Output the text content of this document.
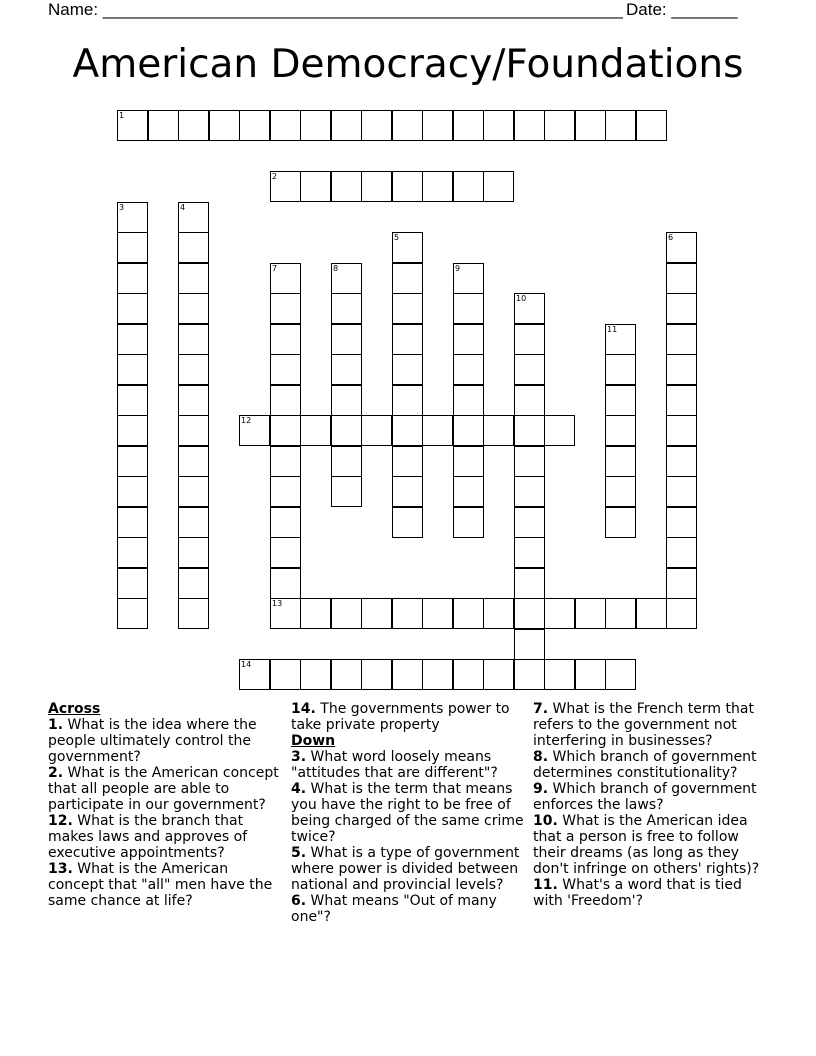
Name: _______________________________________________________ Date: _______
American Democracy/Foundations
1
2
3	4
5	6
7
13
8	9
10
11
12
14
Across
1. What is the idea where the people ultimately control the government?
2. What is the American concept that all people are able to participate in our government?
12. What is the branch that makes laws and approves of executive appointments?
13. What is the American concept that "all" men have the same chance at life?
14. The governments power to take private property
Down
3. What word loosely means "attitudes that are different"?
4. What is the term that means you have the right to be free of being charged of the same crime twice?
5. What is a type of government where power is divided between national and provincial levels?
6. What means "Out of many one"?
7. What is the French term that refers to the government not interfering in businesses?
8. Which branch of government determines constitutionality?
9. Which branch of government enforces the laws?
10. What is the American idea that a person is free to follow their dreams (as long as they don't infringe on others' rights)?
11. What's a word that is tied with 'Freedom'?
